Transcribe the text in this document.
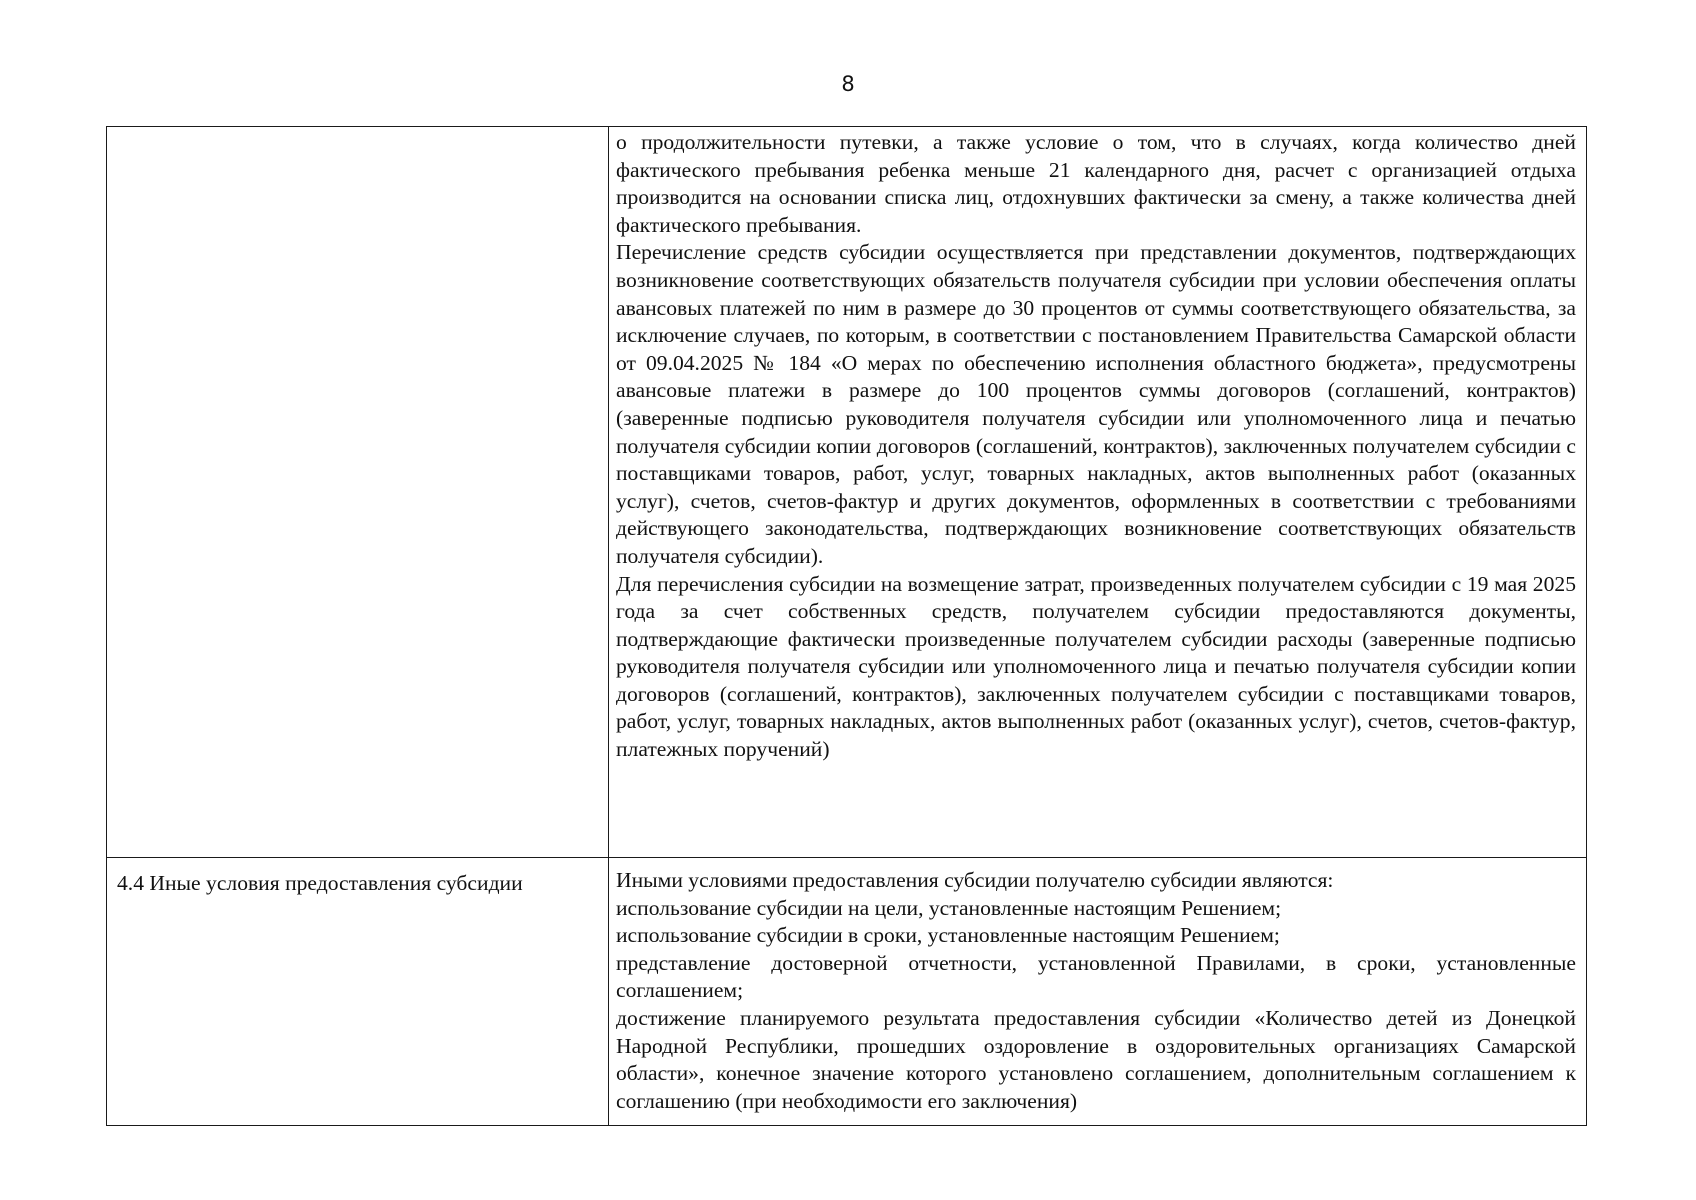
8

	о продолжительности путевки, а также условие о том, что в случаях, когда количество дней фактического пребывания ребенка меньше 21 календарного дня, расчет с организацией отдыха производится на основании списка лиц, отдохнувших фактически за смену, а также количества дней фактического пребывания.

Перечисление средств субсидии осуществляется при представлении документов, подтверждающих возникновение соответствующих обязательств получателя субсидии при условии обеспечения оплаты авансовых платежей по ним в размере до 30 процентов от суммы соответствующего обязательства, за исключение случаев, по которым, в соответствии с постановлением Правительства Самарской области от 09.04.2025 № 184 «О мерах по обеспечению исполнения областного бюджета», предусмотрены авансовые платежи в размере до 100 процентов суммы договоров (соглашений, контрактов) (заверенные подписью руководителя получателя субсидии или уполномоченного лица и печатью получателя субсидии копии договоров (соглашений, контрактов), заключенных получателем субсидии с поставщиками товаров, работ, услуг, товарных накладных, актов выполненных работ (оказанных услуг), счетов, счетов-фактур и других документов, оформленных в соответствии с требованиями действующего законодательства, подтверждающих возникновение соответствующих обязательств получателя субсидии).

Для перечисления субсидии на возмещение затрат, произведенных получателем субсидии с 19 мая 2025 года за счет собственных средств, получателем субсидии предоставляются документы, подтверждающие фактически произведенные получателем субсидии расходы (заверенные подписью руководителя получателя субсидии или уполномоченного лица и печатью получателя субсидии копии договоров (соглашений, контрактов), заключенных получателем субсидии с поставщиками товаров, работ, услуг, товарных накладных, актов выполненных работ (оказанных услуг), счетов, счетов-фактур, платежных поручений)

4.4 Иные условия предоставления субсидии	Иными условиями предоставления субсидии получателю субсидии являются:

использование субсидии на цели, установленные настоящим Решением;

использование субсидии в сроки, установленные настоящим Решением;

представление достоверной отчетности, установленной Правилами, в сроки, установленные соглашением;

достижение планируемого результата предоставления субсидии «Количество детей из Донецкой Народной Республики, прошедших оздоровление в оздоровительных организациях Самарской области», конечное значение которого установлено соглашением, дополнительным соглашением к соглашению (при необходимости его заключения)
